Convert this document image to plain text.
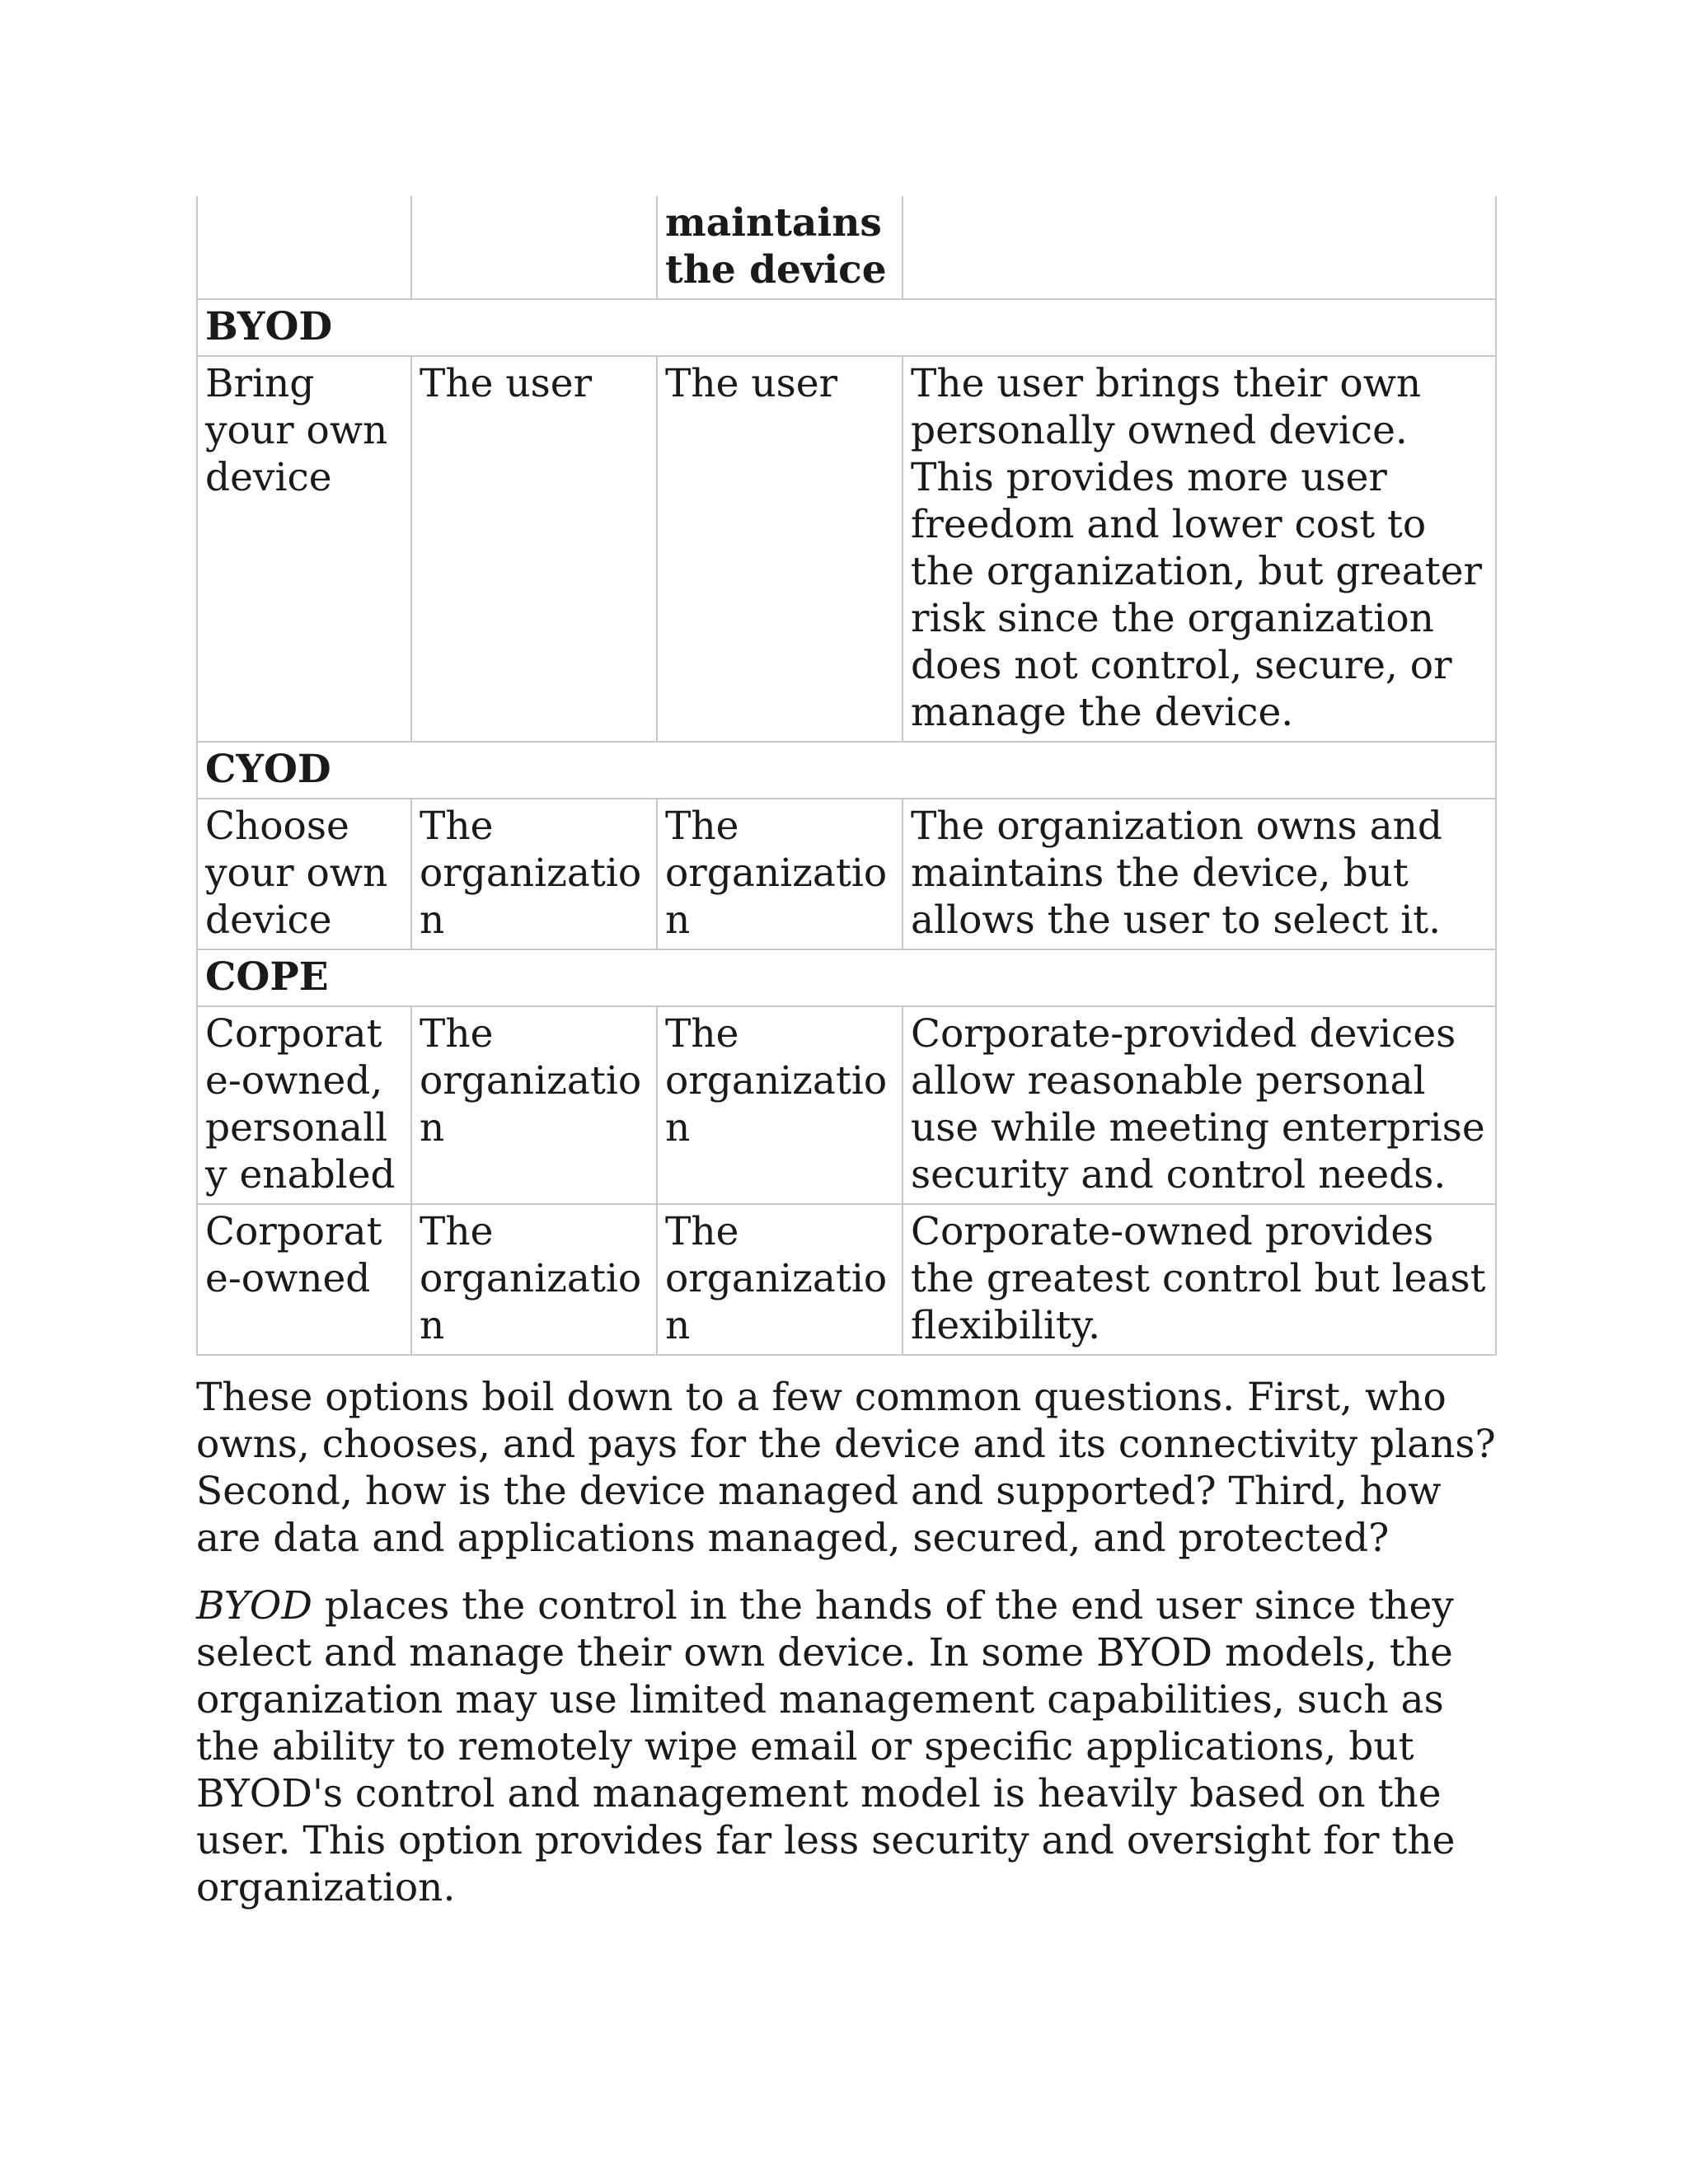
		maintains the device	
BYOD			
Bring your own device	The user	The user	The user brings their own personally owned device. This provides more user freedom and lower cost to the organization, but greater risk since the organization does not control, secure, or manage the device.
CYOD			
Choose your own device	The organization	The organization	The organization owns and maintains the device, but allows the user to select it.
COPE			
Corporate-owned, personally enabled	The organization	The organization	Corporate-provided devices allow reasonable personal use while meeting enterprise security and control needs.
Corporate-owned	The organization	The organization	Corporate-owned provides the greatest control but least flexibility.

These options boil down to a few common questions. First, who owns, chooses, and pays for the device and its connectivity plans? Second, how is the device managed and supported? Third, how are data and applications managed, secured, and protected?

BYOD places the control in the hands of the end user since they select and manage their own device. In some BYOD models, the organization may use limited management capabilities, such as the ability to remotely wipe email or specific applications, but BYOD's control and management model is heavily based on the user. This option provides far less security and oversight for the organization.
